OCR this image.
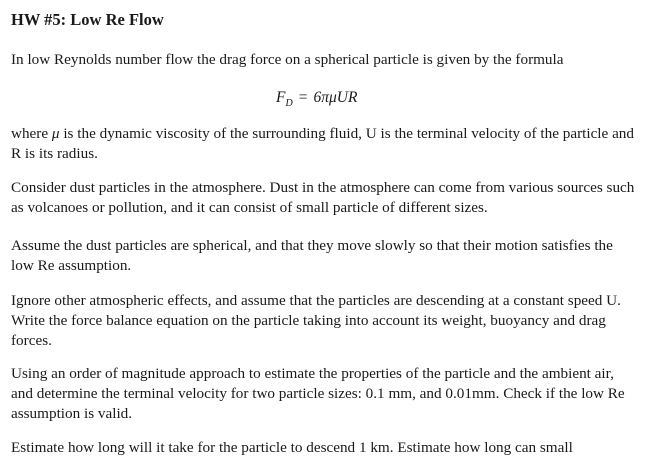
HW #5: Low Re Flow
In low Reynolds number flow the drag force on a spherical particle is given by the formula
$F_D = 6\pi\mu UR$
where μ is the dynamic viscosity of the surrounding fluid, U is the terminal velocity of the particle and R is its radius.
Consider dust particles in the atmosphere. Dust in the atmosphere can come from various sources such as volcanoes or pollution, and it can consist of small particle of different sizes.
Assume the dust particles are spherical, and that they move slowly so that their motion satisfies the low Re assumption.
Ignore other atmospheric effects, and assume that the particles are descending at a constant speed U. Write the force balance equation on the particle taking into account its weight, buoyancy and drag forces.
Using an order of magnitude approach to estimate the properties of the particle and the ambient air, and determine the terminal velocity for two particle sizes: 0.1 mm, and 0.01mm. Check if the low Re assumption is valid.
Estimate how long will it take for the particle to descend 1 km. Estimate how long can small
